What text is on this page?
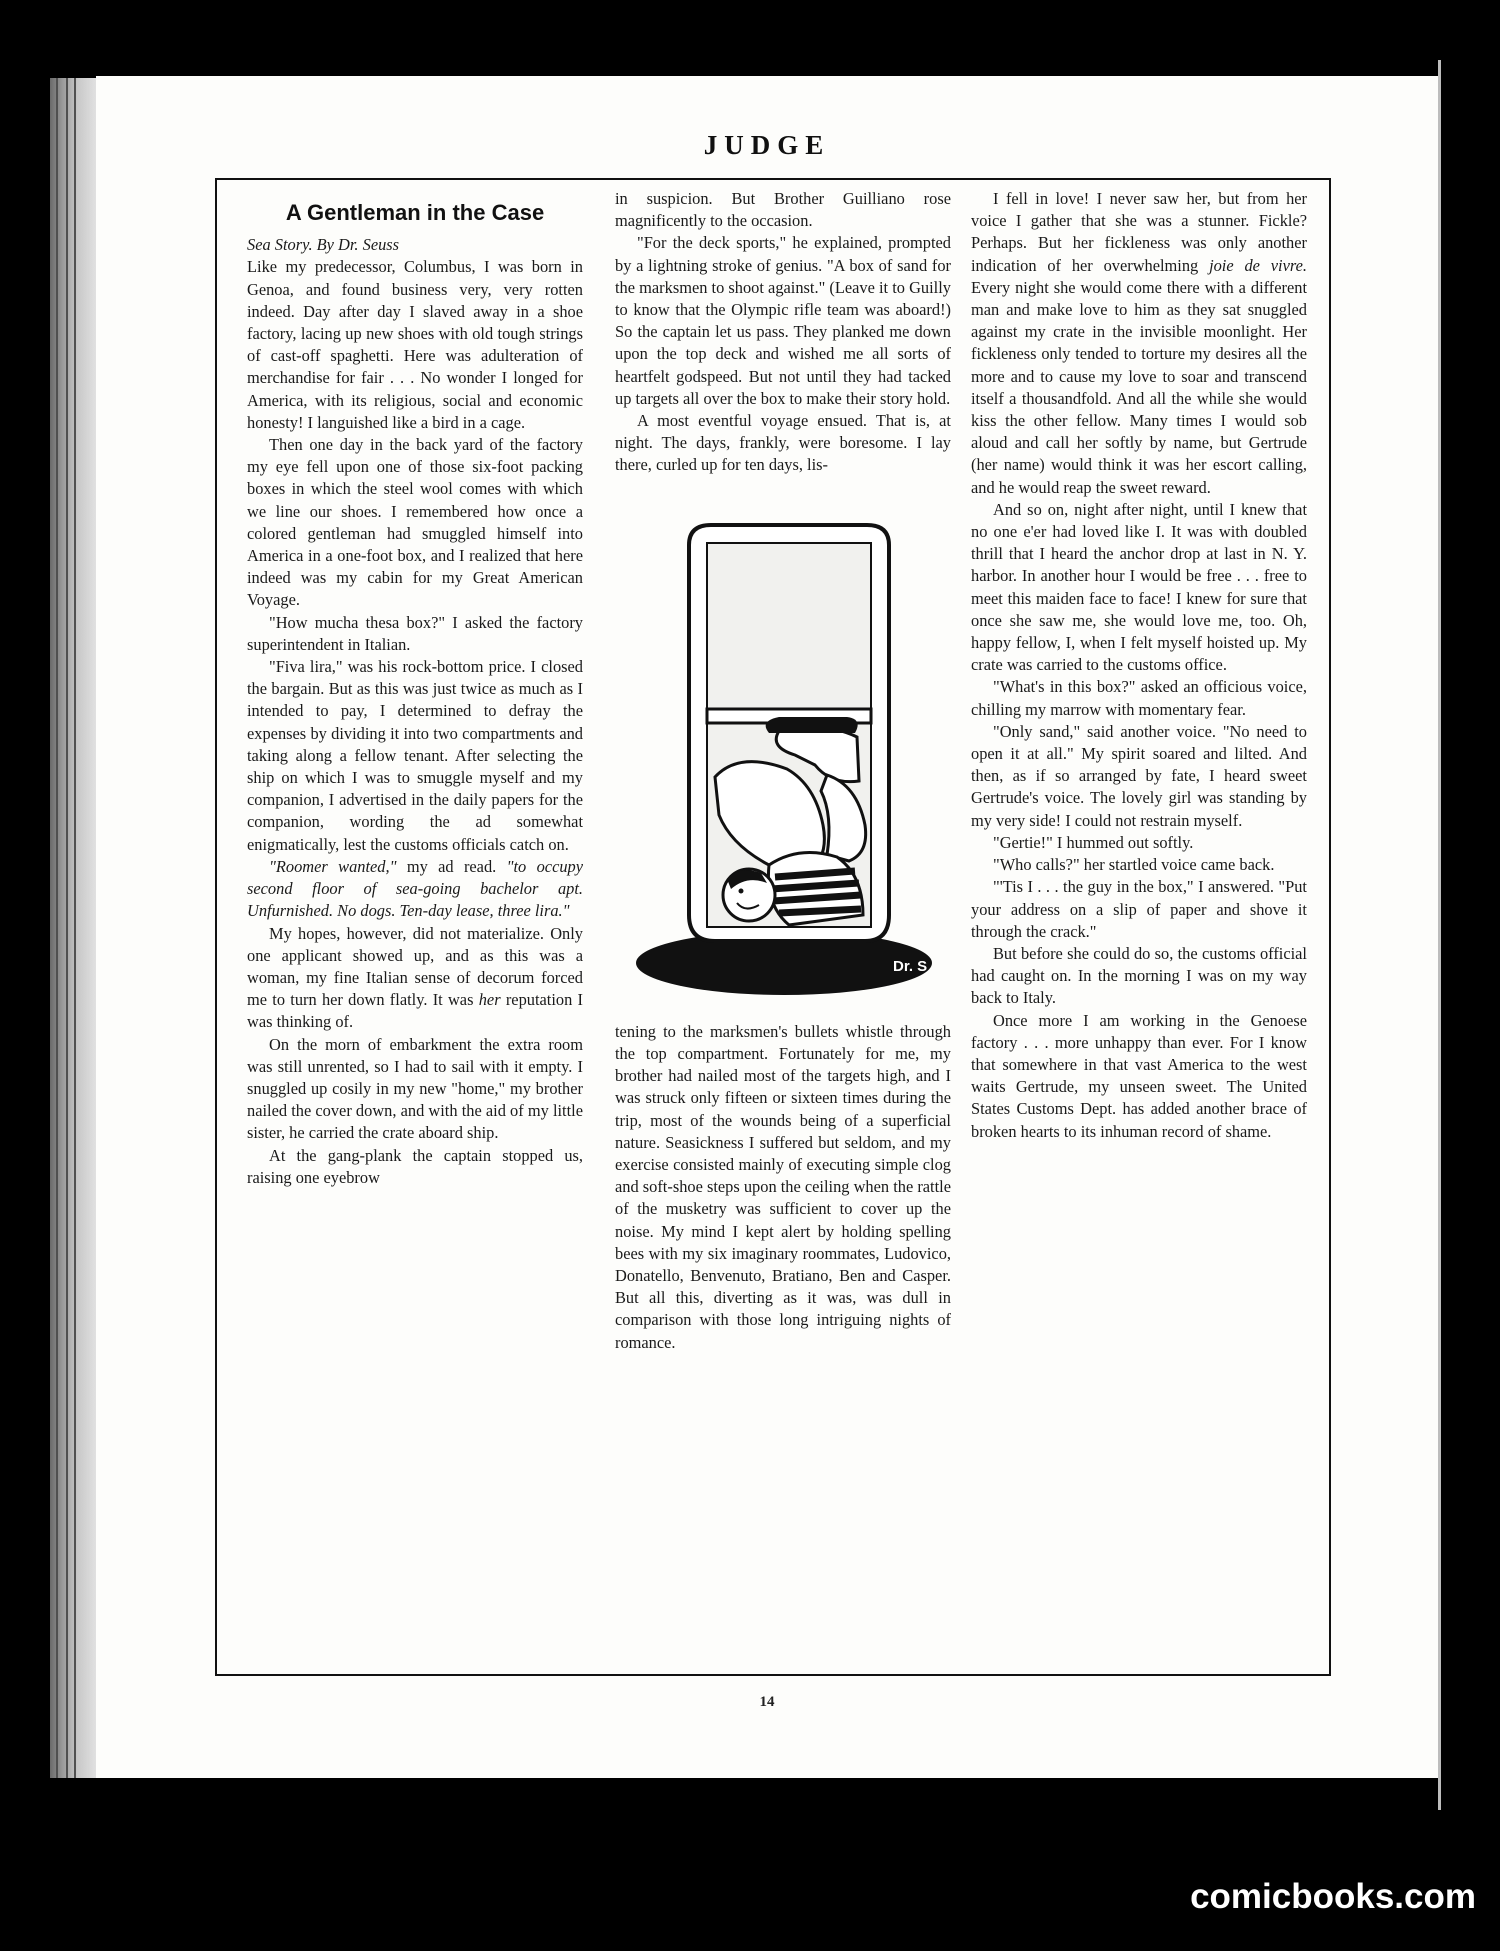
JUDGE
A Gentleman in the Case

Sea Story. By Dr. Seuss

Like my predecessor, Columbus, I was born in Genoa, and found business very, very rotten indeed. Day after day I slaved away in a shoe factory, lacing up new shoes with old tough strings of cast-off spaghetti. Here was adulteration of merchandise for fair . . . No wonder I longed for America, with its religious, social and economic honesty! I languished like a bird in a cage.

Then one day in the back yard of the factory my eye fell upon one of those six-foot packing boxes in which the steel wool comes with which we line our shoes. I remembered how once a colored gentleman had smuggled himself into America in a one-foot box, and I realized that here indeed was my cabin for my Great American Voyage.

"How mucha thesa box?" I asked the factory superintendent in Italian.

"Fiva lira," was his rock-bottom price. I closed the bargain. But as this was just twice as much as I intended to pay, I determined to defray the expenses by dividing it into two compartments and taking along a fellow tenant. After selecting the ship on which I was to smuggle myself and my companion, I advertised in the daily papers for the companion, wording the ad somewhat enigmatically, lest the customs officials catch on.

"Roomer wanted," my ad read. "to occupy second floor of sea-going bachelor apt. Unfurnished. No dogs. Ten-day lease, three lira."

My hopes, however, did not materialize. Only one applicant showed up, and as this was a woman, my fine Italian sense of decorum forced me to turn her down flatly. It was her reputation I was thinking of.

On the morn of embarkment the extra room was still unrented, so I had to sail with it empty. I snuggled up cosily in my new "home," my brother nailed the cover down, and with the aid of my little sister, he carried the crate aboard ship.

At the gang-plank the captain stopped us, raising one eyebrow

in suspicion. But Brother Guilliano rose magnificently to the occasion.

"For the deck sports," he explained, prompted by a lightning stroke of genius. "A box of sand for the marksmen to shoot against." (Leave it to Guilly to know that the Olympic rifle team was aboard!) So the captain let us pass. They planked me down upon the top deck and wished me all sorts of heartfelt godspeed. But not until they had tacked up targets all over the box to make their story hold.

A most eventful voyage ensued. That is, at night. The days, frankly, were boresome. I lay there, curled up for ten days, lis-

Dr. S

tening to the marksmen's bullets whistle through the top compartment. Fortunately for me, my brother had nailed most of the targets high, and I was struck only fifteen or sixteen times during the trip, most of the wounds being of a superficial nature. Seasickness I suffered but seldom, and my exercise consisted mainly of executing simple clog and soft-shoe steps upon the ceiling when the rattle of the musketry was sufficient to cover up the noise. My mind I kept alert by holding spelling bees with my six imaginary roommates, Ludovico, Donatello, Benvenuto, Bratiano, Ben and Casper. But all this, diverting as it was, was dull in comparison with those long intriguing nights of romance.

I fell in love! I never saw her, but from her voice I gather that she was a stunner. Fickle? Perhaps. But her fickleness was only another indication of her overwhelming joie de vivre. Every night she would come there with a different man and make love to him as they sat snuggled against my crate in the invisible moonlight. Her fickleness only tended to torture my desires all the more and to cause my love to soar and transcend itself a thousandfold. And all the while she would kiss the other fellow. Many times I would sob aloud and call her softly by name, but Gertrude (her name) would think it was her escort calling, and he would reap the sweet reward.

And so on, night after night, until I knew that no one e'er had loved like I. It was with doubled thrill that I heard the anchor drop at last in N. Y. harbor. In another hour I would be free . . . free to meet this maiden face to face! I knew for sure that once she saw me, she would love me, too. Oh, happy fellow, I, when I felt myself hoisted up. My crate was carried to the customs office.

"What's in this box?" asked an officious voice, chilling my marrow with momentary fear.

"Only sand," said another voice. "No need to open it at all." My spirit soared and lilted. And then, as if so arranged by fate, I heard sweet Gertrude's voice. The lovely girl was standing by my very side! I could not restrain myself.

"Gertie!" I hummed out softly.

"Who calls?" her startled voice came back.

"'Tis I . . . the guy in the box," I answered. "Put your address on a slip of paper and shove it through the crack."

But before she could do so, the customs official had caught on. In the morning I was on my way back to Italy.

Once more I am working in the Genoese factory . . . more unhappy than ever. For I know that somewhere in that vast America to the west waits Gertrude, my unseen sweet. The United States Customs Dept. has added another brace of broken hearts to its inhuman record of shame.

14
comicbooks.com
